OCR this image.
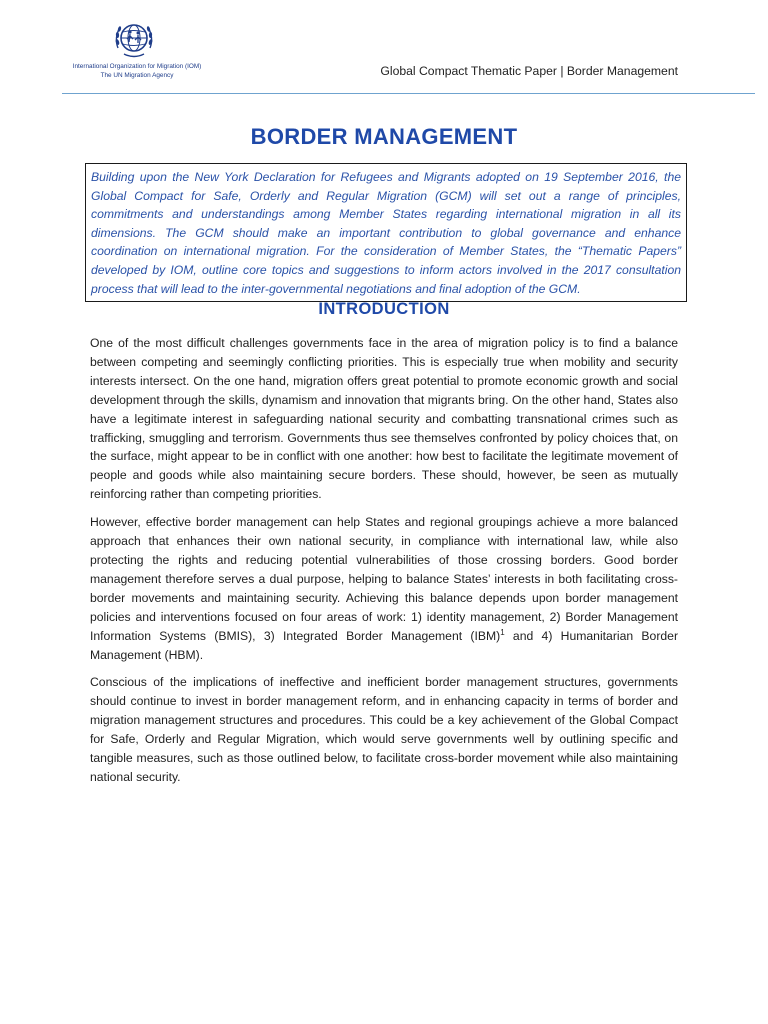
International Organization for Migration (IOM)
The UN Migration Agency	Global Compact Thematic Paper | Border Management
BORDER MANAGEMENT
Building upon the New York Declaration for Refugees and Migrants adopted on 19 September 2016, the Global Compact for Safe, Orderly and Regular Migration (GCM) will set out a range of principles, commitments and understandings among Member States regarding international migration in all its dimensions. The GCM should make an important contribution to global governance and enhance coordination on international migration. For the consideration of Member States, the “Thematic Papers” developed by IOM, outline core topics and suggestions to inform actors involved in the 2017 consultation process that will lead to the inter-governmental negotiations and final adoption of the GCM.
INTRODUCTION

One of the most difficult challenges governments face in the area of migration policy is to find a balance between competing and seemingly conflicting priorities. This is especially true when mobility and security interests intersect. On the one hand, migration offers great potential to promote economic growth and social development through the skills, dynamism and innovation that migrants bring. On the other hand, States also have a legitimate interest in safeguarding national security and combatting transnational crimes such as trafficking, smuggling and terrorism. Governments thus see themselves confronted by policy choices that, on the surface, might appear to be in conflict with one another: how best to facilitate the legitimate movement of people and goods while also maintaining secure borders. These should, however, be seen as mutually reinforcing rather than competing priorities.

However, effective border management can help States and regional groupings achieve a more balanced approach that enhances their own national security, in compliance with international law, while also protecting the rights and reducing potential vulnerabilities of those crossing borders. Good border management therefore serves a dual purpose, helping to balance States’ interests in both facilitating cross-border movements and maintaining security. Achieving this balance depends upon border management policies and interventions focused on four areas of work: 1) identity management, 2) Border Management Information Systems (BMIS), 3) Integrated Border Management (IBM)$^1$ and 4) Humanitarian Border Management (HBM).

Conscious of the implications of ineffective and inefficient border management structures, governments should continue to invest in border management reform, and in enhancing capacity in terms of border and migration management structures and procedures. This could be a key achievement of the Global Compact for Safe, Orderly and Regular Migration, which would serve governments well by outlining specific and tangible measures, such as those outlined below, to facilitate cross-border movement while also maintaining national security.
